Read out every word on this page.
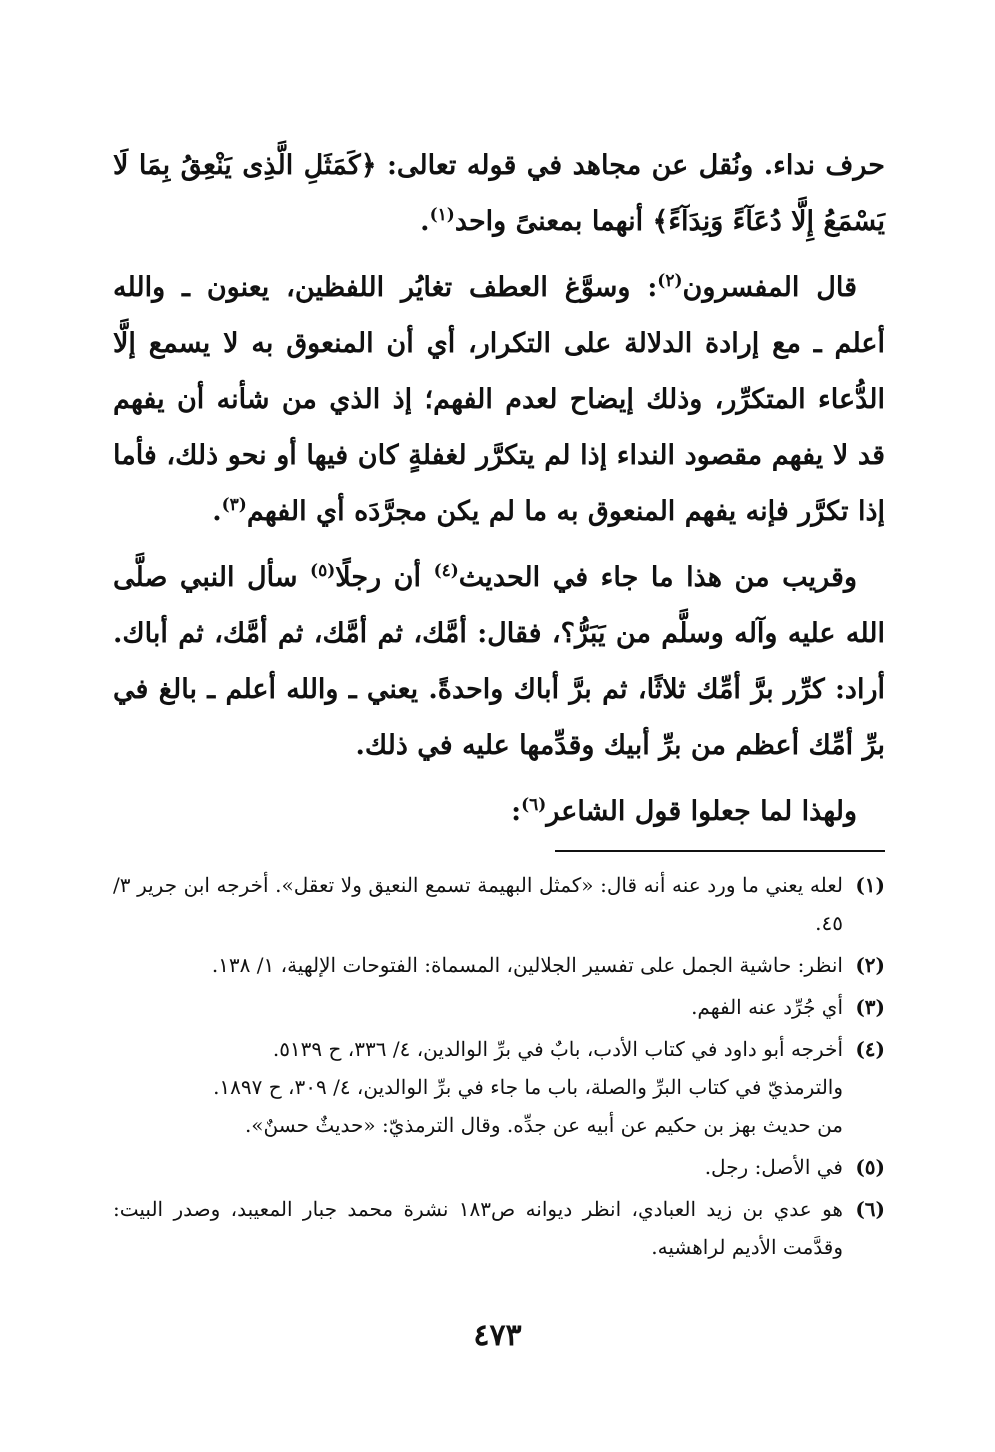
حرف نداء. ونُقل عن مجاهد في قوله تعالى: ﴿كَمَثَلِ الَّذِى يَنْعِقُ بِمَا لَا يَسْمَعُ إِلَّا دُعَآءً وَنِدَآءً﴾ أنهما بمعنىً واحد$^{(١)}$.

قال المفسرون$^{(٢)}$: وسوَّغ العطف تغايُر اللفظين، يعنون ـ والله أعلم ـ مع إرادة الدلالة على التكرار، أي أن المنعوق به لا يسمع إلَّا الدُّعاء المتكرِّر، وذلك إيضاح لعدم الفهم؛ إذ الذي من شأنه أن يفهم قد لا يفهم مقصود النداء إذا لم يتكرَّر لغفلةٍ كان فيها أو نحو ذلك، فأما إذا تكرَّر فإنه يفهم المنعوق به ما لم يكن مجرَّدَه أي الفهم$^{(٣)}$.

وقريب من هذا ما جاء في الحديث$^{(٤)}$ أن رجلًا$^{(٥)}$ سأل النبي صلَّى الله عليه وآله وسلَّم من يَبَرُّ؟، فقال: أمَّك، ثم أمَّك، ثم أمَّك، ثم أباك. أراد: كرِّر برَّ أمِّك ثلاثًا، ثم برَّ أباك واحدةً. يعني ـ والله أعلم ـ بالغ في برِّ أمِّك أعظم من برِّ أبيك وقدِّمها عليه في ذلك.

ولهذا لما جعلوا قول الشاعر$^{(٦)}$:

(١)
لعله يعني ما ورد عنه أنه قال: «كمثل البهيمة تسمع النعيق ولا تعقل». أخرجه ابن جرير ٣/ ٤٥.
(٢)
انظر: حاشية الجمل على تفسير الجلالين، المسماة: الفتوحات الإلهية، ١/ ١٣٨.
(٣)
أي جُرِّد عنه الفهم.
(٤)
أخرجه أبو داود في كتاب الأدب، بابٌ في برِّ الوالدين، ٤/ ٣٣٦، ح ٥١٣٩.
والترمذيّ في كتاب البرِّ والصلة، باب ما جاء في برِّ الوالدين، ٤/ ٣٠٩، ح ١٨٩٧.
من حديث بهز بن حكيم عن أبيه عن جدِّه. وقال الترمذيّ: «حديثٌ حسنٌ».
(٥)
في الأصل: رجل.
(٦)
هو عدي بن زيد العبادي، انظر ديوانه ص١٨٣ نشرة محمد جبار المعيبد، وصدر البيت: وقدَّمت الأديم لراهشيه.
٤٧٣
